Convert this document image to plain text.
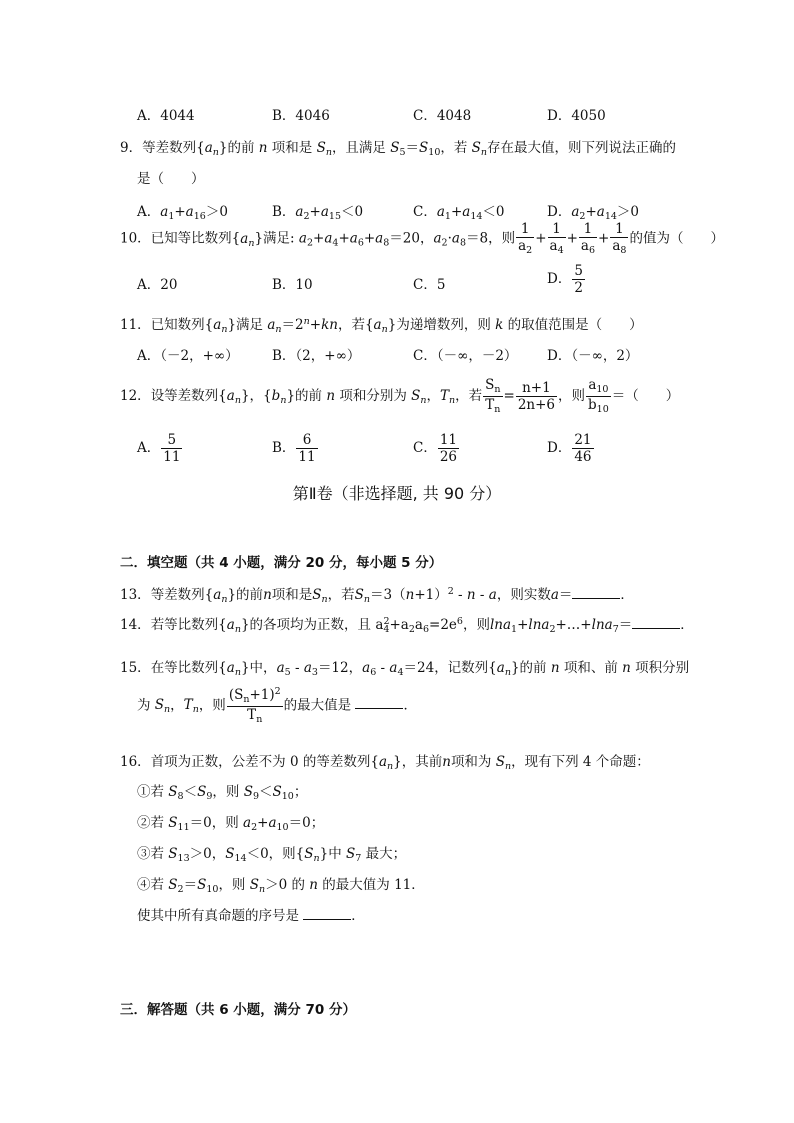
A．4044	B．4046	C．4048	D．4050
9．等差数列$\{a_n\}$的前 n 项和是 $S_n$，且满足 $S_5=S_{10}$，若 $S_n$存在最大值，则下列说法正确的
是（　　）
A．$a_1+a_{16}>0$	B．$a_2+a_{15}<0$	C．$a_1+a_{14}<0$	D．$a_2+a_{14}>0$
10．已知等比数列$\{a_n\}$满足: $a_2+a_4+a_6+a_8=20$，$a_2\cdot a_8=8$，则 $\frac{1}{a_2} + \frac{1}{a_4} + \frac{1}{a_6} + \frac{1}{a_8}$ 的值为（　　）
A．20	B．10	C．5	D． $\frac{5}{2}$
11．已知数列$\{a_n\}$满足 $a_n=2^n+kn$，若$\{a_n\}$为递增数列，则 k 的取值范围是（　　）
A．（－2，+∞） B．（2，+∞）	C．（－∞，－2） D．（－∞，2）
12．设等差数列$\{a_n\}$，$\{b_n\}$的前 n 项和分别为 $S_n$，$T_n$，若 $\frac{S_n}{T_n} = \frac{n+1}{2n+6}$ ，则 $\frac{a_{10}}{b_{10}}$ ＝（　　）
A． $\frac{5}{11}$	B． $\frac{6}{11}$	C． $\frac{11}{26}$	D． $\frac{21}{46}$
第Ⅱ卷（非选择题, 共 90 分）
二．填空题（共 4 小题，满分 20 分，每小题 5 分）
13．等差数列$\{a_n\}$的前n项和是$S_n$，若$S_n=3(n+1)^2 - n - a$，则实数a＝	．
14．若等比数列$\{a_n\}$的各项均为正数，且 $a_4^2+a_2a_6=2e^6$，则lna$_1$+lna$_2$+…+lna$_7$＝	．
15．在等比数列$\{a_n\}$中，$a_5 - a_3=12$，$a_6 - a_4=24$，记数列$\{a_n\}$的前 n 项和、前 n 项积分别
为 $S_n$，$T_n$，则 $\frac{(S_n+1)^2}{T_n}$ 的最大值是	．
16．首项为正数，公差不为 0 的等差数列$\{a_n\}$，其前n项和为 $S_n$，现有下列 4 个命题：
①若 $S_8<S_9$，则 $S_9<S_{10}$；
②若 $S_{11}=0$，则 $a_2+a_{10}=0$；
③若 $S_{13}>0$，$S_{14}<0$，则$\{S_n\}$中 $S_7$ 最大；
④若 $S_2=S_{10}$，则 $S_n>0$ 的 n 的最大值为 11．
使其中所有真命题的序号是	．
三．解答题（共 6 小题，满分 70 分）
